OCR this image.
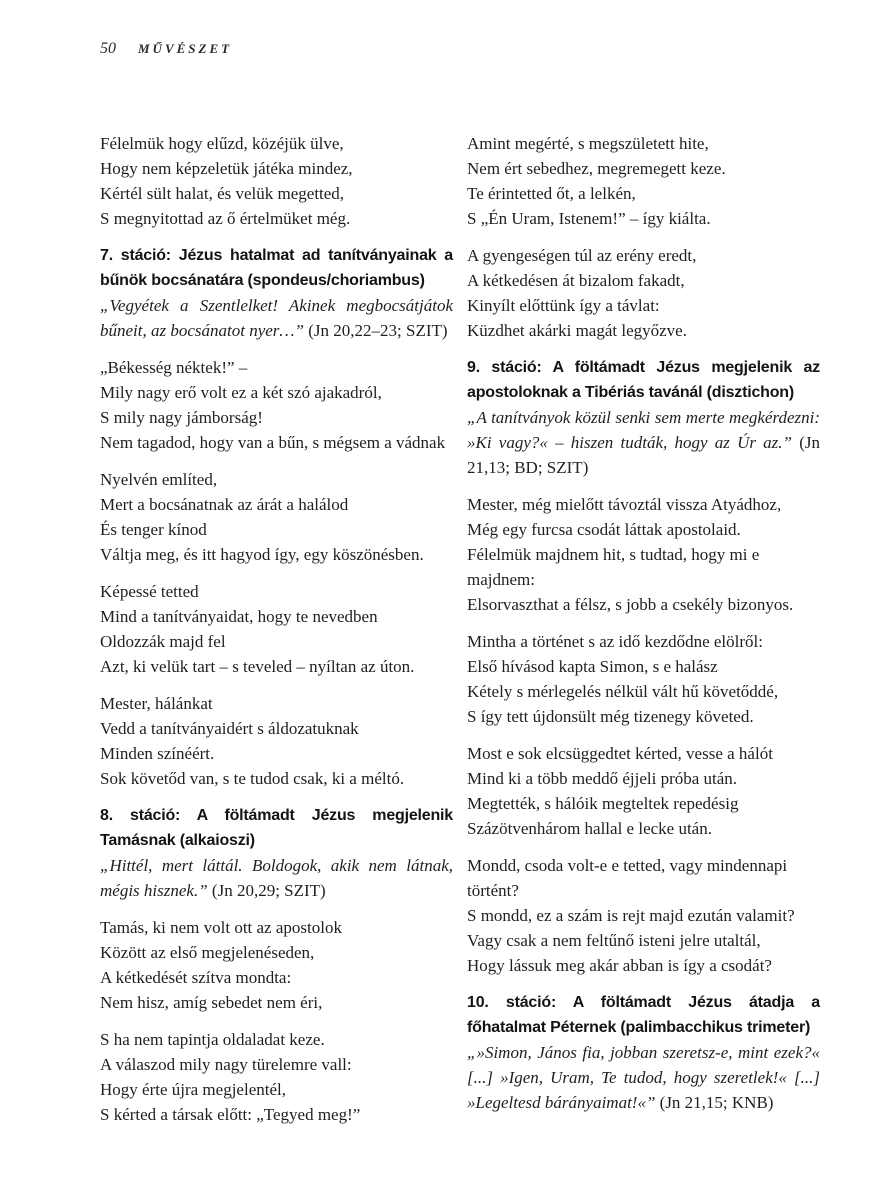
50 MŰVÉSZET
Félelmük hogy elűzd, közéjük ülve,
Hogy nem képzeletük játéka mindez,
Kértél sült halat, és velük megetted,
S megnyitottad az ő értelmüket még.
7. stáció: Jézus hatalmat ad tanítványainak a bűnök bocsánatára (spondeus/choriambus)

„Vegyétek a Szentlelket! Akinek megbocsátjátok bűneit, az bocsánatot nyer…” (Jn 20,22–23; SZIT)

„Békesség néktek!” –
Mily nagy erő volt ez a két szó ajakadról,
S mily nagy jámborság!
Nem tagadod, hogy van a bűn, s mégsem a vádnak
Nyelvén említed,
Mert a bocsánatnak az árát a halálod
És tenger kínod
Váltja meg, és itt hagyod így, egy köszönésben.
Képessé tetted
Mind a tanítványaidat, hogy te nevedben
Oldozzák majd fel
Azt, ki velük tart – s teveled – nyíltan az úton.
Mester, hálánkat
Vedd a tanítványaidért s áldozatuknak
Minden színéért.
Sok követőd van, s te tudod csak, ki a méltó.
8. stáció: A föltámadt Jézus megjelenik Tamásnak (alkaioszi)

„Hittél, mert láttál. Boldogok, akik nem látnak, mégis hisznek.” (Jn 20,29; SZIT)

Tamás, ki nem volt ott az apostolok
Között az első megjelenéseden,
A kétkedését szítva mondta:
Nem hisz, amíg sebedet nem éri,
S ha nem tapintja oldaladat keze.
A válaszod mily nagy türelemre vall:
Hogy érte újra megjelentél,
S kérted a társak előtt: „Tegyed meg!”
Amint megérté, s megszületett hite,
Nem ért sebedhez, megremegett keze.
Te érintetted őt, a lelkén,
S „Én Uram, Istenem!” – így kiálta.
A gyengeségen túl az erény eredt,
A kétkedésen át bizalom fakadt,
Kinyílt előttünk így a távlat:
Küzdhet akárki magát legyőzve.
9. stáció: A föltámadt Jézus megjelenik az apostoloknak a Tibériás tavánál (disztichon)

„A tanítványok közül senki sem merte megkérdezni: »Ki vagy?« – hiszen tudták, hogy az Úr az.” (Jn 21,13; BD; SZIT)

Mester, még mielőtt távoztál vissza Atyádhoz,
Még egy furcsa csodát láttak apostolaid.
Félelmük majdnem hit, s tudtad, hogy mi e majdnem:
Elsorvaszthat a félsz, s jobb a csekély bizonyos.
Mintha a történet s az idő kezdődne elölről:
Első hívásod kapta Simon, s e halász
Kétely s mérlegelés nélkül vált hű követőddé,
S így tett újdonsült még tizenegy követed.
Most e sok elcsüggedtet kérted, vesse a hálót
Mind ki a több meddő éjjeli próba után.
Megtették, s hálóik megteltek repedésig
Százötvenhárom hallal e lecke után.
Mondd, csoda volt-e e tetted, vagy mindennapi történt?
S mondd, ez a szám is rejt majd ezután valamit?
Vagy csak a nem feltűnő isteni jelre utaltál,
Hogy lássuk meg akár abban is így a csodát?
10. stáció: A föltámadt Jézus átadja a főhatalmat Péternek (palimbacchikus trimeter)

„»Simon, János fia, jobban szeretsz-e, mint ezek?« [...] »Igen, Uram, Te tudod, hogy szeretlek!« [...] »Legeltesd bárányaimat!«” (Jn 21,15; KNB)
